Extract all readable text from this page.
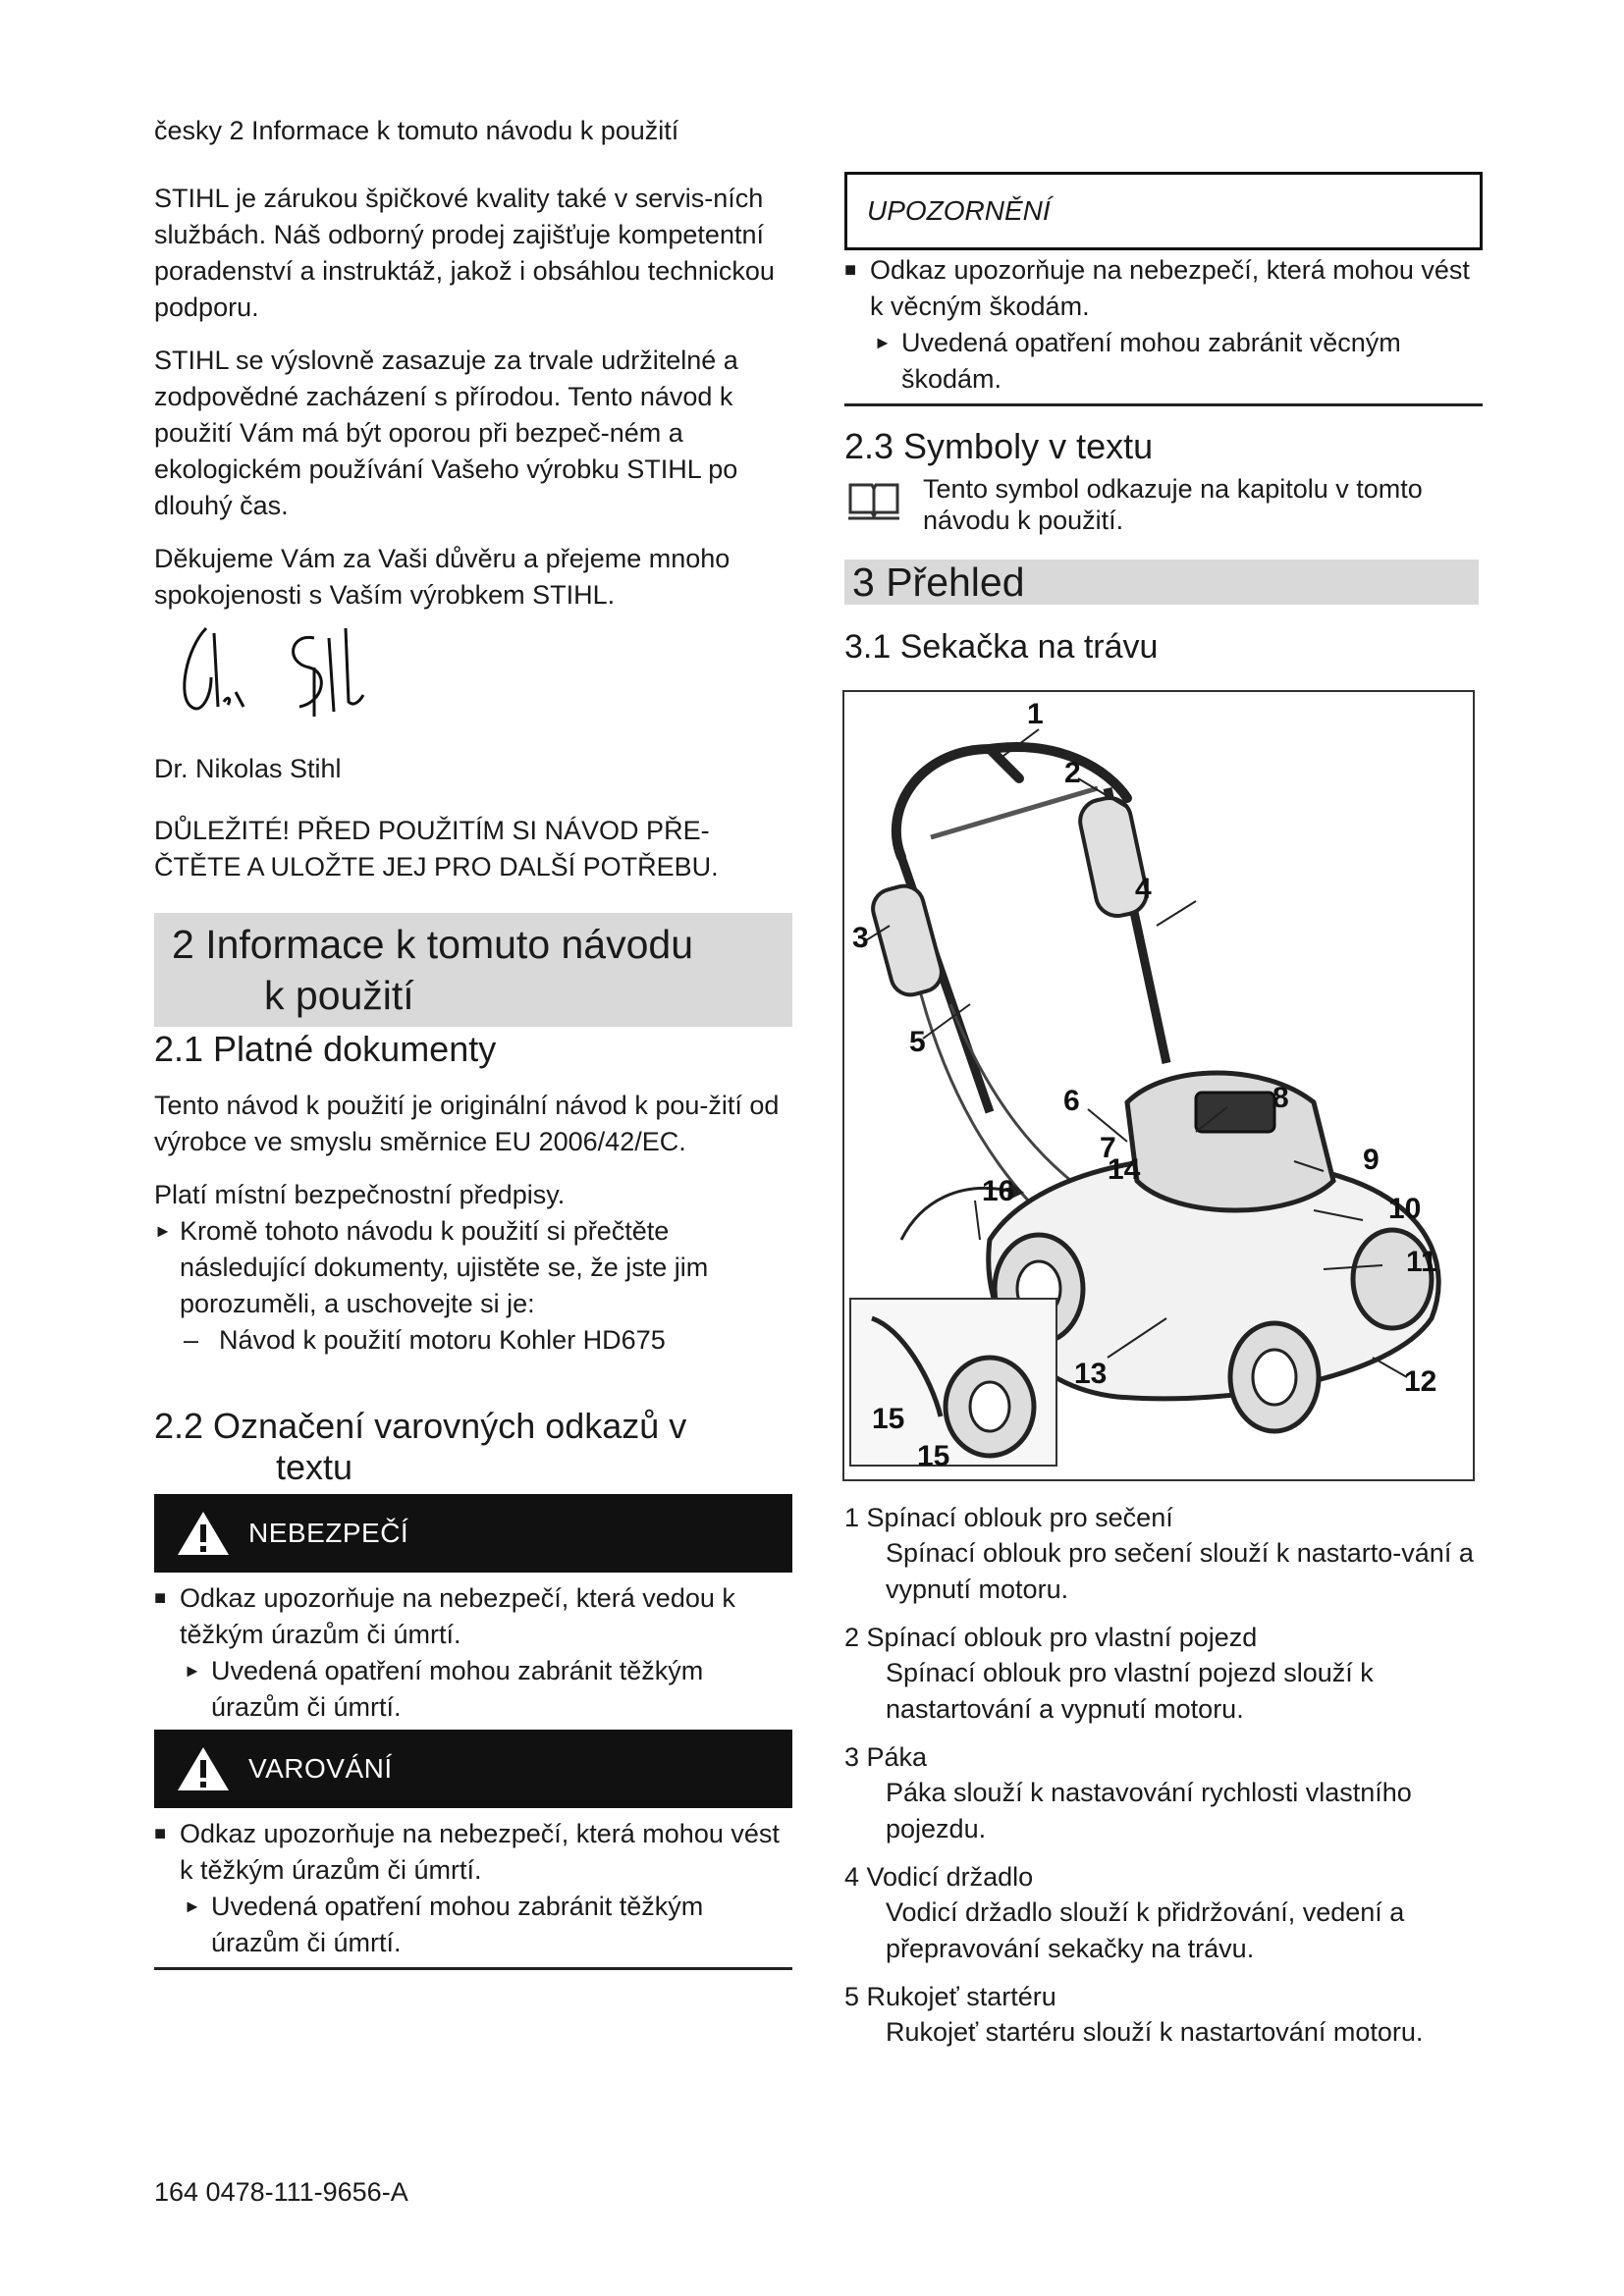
česky 2 Informace k tomuto návodu k použití

STIHL je zárukou špičkové kvality také v servis-ních službách. Náš odborný prodej zajišťuje kompetentní poradenství a instruktáž, jakož i obsáhlou technickou podporu.

STIHL se výslovně zasazuje za trvale udržitelné a zodpovědné zacházení s přírodou. Tento návod k použití Vám má být oporou při bezpeč-ném a ekologickém používání Vašeho výrobku STIHL po dlouhý čas.

Děkujeme Vám za Vaši důvěru a přejeme mnoho spokojenosti s Vaším výrobkem STIHL.

Dr. Nikolas Stihl
DŮLEŽITÉ! PŘED POUŽITÍM SI NÁVOD PŘE-
ČTĚTE A ULOŽTE JEJ PRO DALŠÍ POTŘEBU.
2 Informace k tomuto návodu
k použití
2.1 Platné dokumenty

Tento návod k použití je originální návod k pou-žití od výrobce ve smyslu směrnice EU 2006/42/EC.

Platí místní bezpečnostní předpisy.

► Kromě tohoto návodu k použití si přečtěte následující dokumenty, ujistěte se, že jste jim porozuměli, a uschovejte si je:
– Návod k použití motoru Kohler HD675
2.2 Označení varovných odkazů v
textu
NEBEZPEČÍ
■ Odkaz upozorňuje na nebezpečí, která vedou k těžkým úrazům či úmrtí.
► Uvedená opatření mohou zabránit těžkým úrazům či úmrtí.
VAROVÁNÍ
■ Odkaz upozorňuje na nebezpečí, která mohou vést k těžkým úrazům či úmrtí.
► Uvedená opatření mohou zabránit těžkým úrazům či úmrtí.
UPOZORNĚNÍ
■ Odkaz upozorňuje na nebezpečí, která mohou vést k věcným škodám.
► Uvedená opatření mohou zabránit věcným škodám.
2.3 Symboly v textu
Tento symbol odkazuje na kapitolu v tomto návodu k použití.
3 Přehled
3.1 Sekačka na trávu
1
2
3
4
5
6
7
8
9
10
11
12
13
14
15
15
16
1 Spínací oblouk pro sečení
Spínací oblouk pro sečení slouží k nastarto-vání a vypnutí motoru.
2 Spínací oblouk pro vlastní pojezd
Spínací oblouk pro vlastní pojezd slouží k nastartování a vypnutí motoru.
3 Páka
Páka slouží k nastavování rychlosti vlastního pojezdu.
4 Vodicí držadlo
Vodicí držadlo slouží k přidržování, vedení a přepravování sekačky na trávu.
5 Rukojeť startéru
Rukojeť startéru slouží k nastartování motoru.
164 0478-111-9656-A
